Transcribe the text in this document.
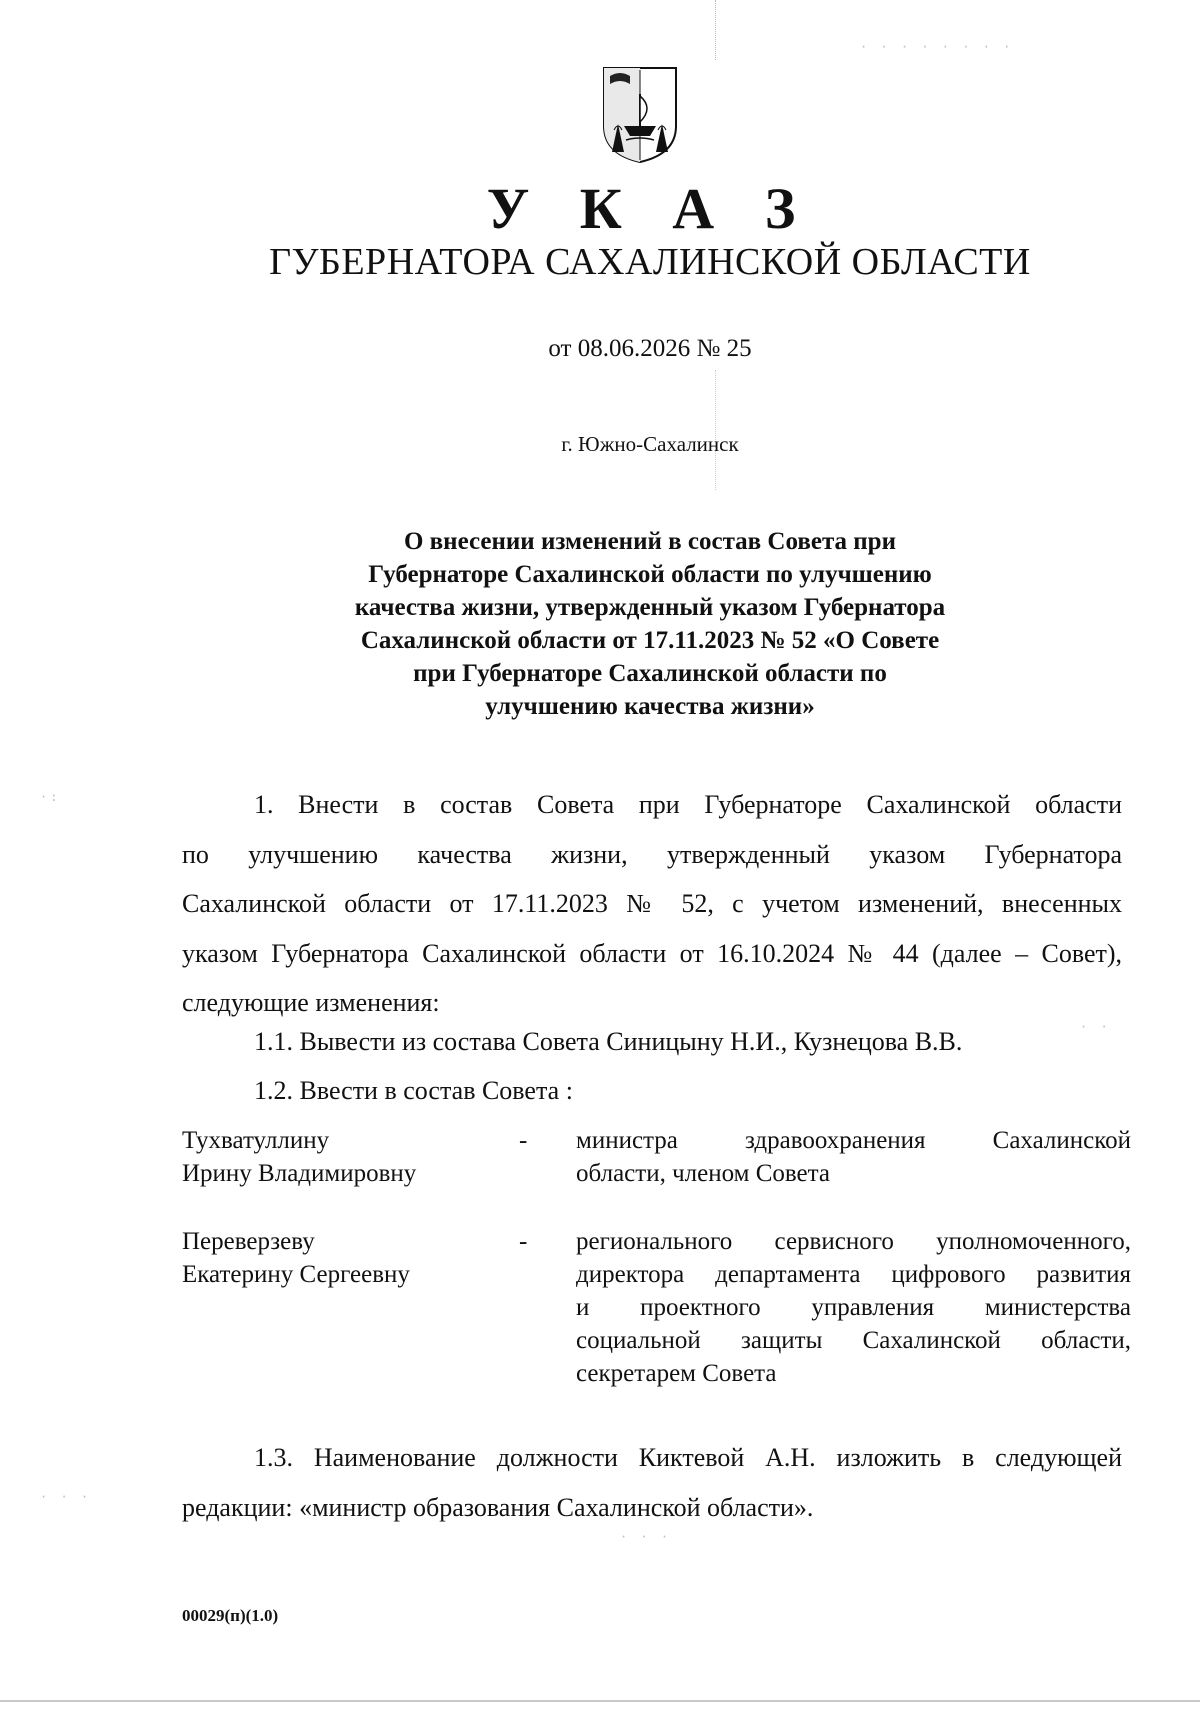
· · · · · · · ·
·:
· · ·
· ·
· · ·
У К А З
ГУБЕРНАТОРА САХАЛИНСКОЙ ОБЛАСТИ
от 08.06.2026 № 25
г. Южно-Сахалинск
О внесении изменений в состав Совета при
Губернаторе Сахалинской области по улучшению
качества жизни, утвержденный указом Губернатора
Сахалинской области от 17.11.2023 № 52 «О Совете
при Губернаторе Сахалинской области по
улучшению качества жизни»
1. Внести в состав Совета при Губернаторе Сахалинской области
по улучшению качества жизни, утвержденный указом Губернатора
Сахалинской области от 17.11.2023 № 52, с учетом изменений, внесенных
указом Губернатора Сахалинской области от 16.10.2024 № 44 (далее – Совет),
следующие изменения:
1.1. Вывести из состава Совета Синицыну Н.И., Кузнецова В.В.
1.2. Ввести в состав Совета :
Тухватуллину
Ирину Владимировну
- министра здравоохранения Сахалинской
области, членом Совета
Переверзеву
Екатерину Сергеевну
- регионального сервисного уполномоченного,
директора департамента цифрового развития
и проектного управления министерства
социальной защиты Сахалинской области,
секретарем Совета
1.3. Наименование должности Киктевой А.Н. изложить в следующей
редакции: «министр образования Сахалинской области».
00029(п)(1.0)
